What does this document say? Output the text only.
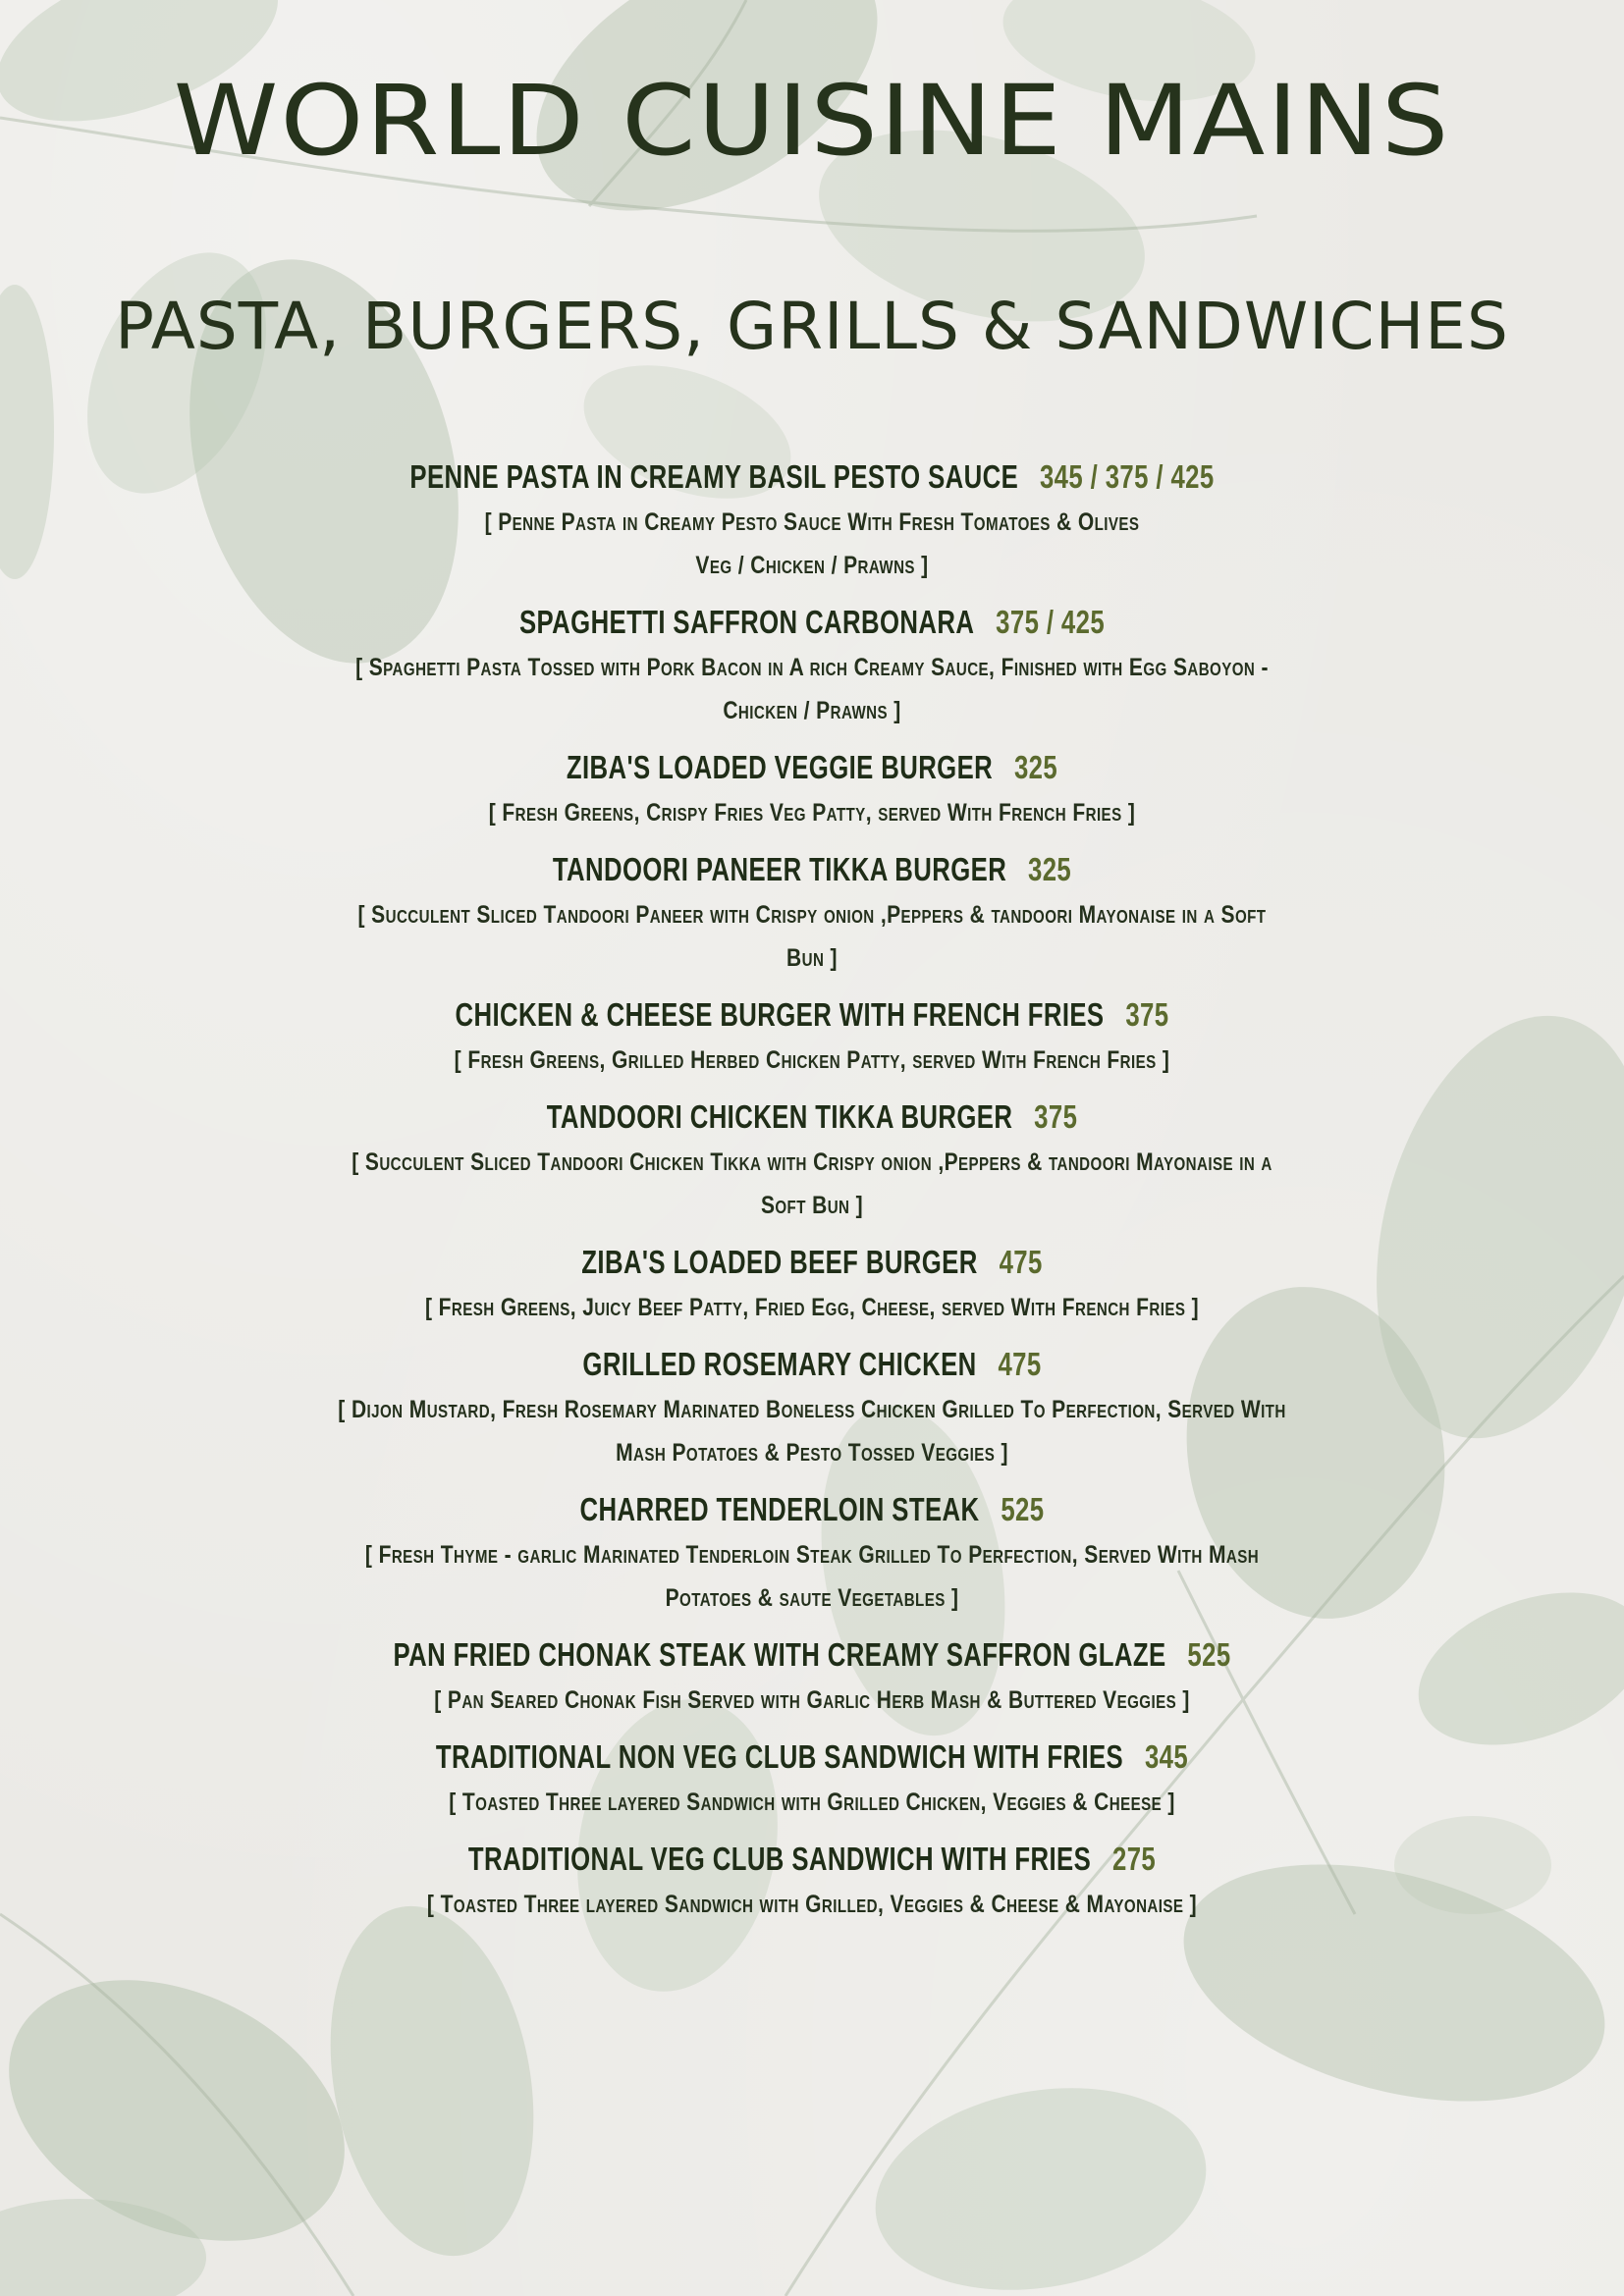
WORLD CUISINE MAINS
PASTA, BURGERS, GRILLS & SANDWICHES
PENNE PASTA IN CREAMY BASIL PESTO SAUCE 345 / 375 / 425
[ Penne Pasta in Creamy Pesto Sauce With Fresh Tomatoes & Olives
Veg / Chicken / Prawns ]
SPAGHETTI SAFFRON CARBONARA 375 / 425
[ Spaghetti Pasta Tossed with Pork Bacon in A rich Creamy Sauce, Finished with Egg Saboyon -
Chicken / Prawns ]
ZIBA'S LOADED VEGGIE BURGER 325
[ Fresh Greens, Crispy Fries Veg Patty, served With French Fries ]
TANDOORI PANEER TIKKA BURGER 325
[ Succulent Sliced Tandoori Paneer with Crispy onion ,Peppers & tandoori Mayonaise in a Soft
Bun ]
CHICKEN & CHEESE BURGER WITH FRENCH FRIES 375
[ Fresh Greens, Grilled Herbed Chicken Patty, served With French Fries ]
TANDOORI CHICKEN TIKKA BURGER 375
[ Succulent Sliced Tandoori Chicken Tikka with Crispy onion ,Peppers & tandoori Mayonaise in a
Soft Bun ]
ZIBA'S LOADED BEEF BURGER 475
[ Fresh Greens, Juicy Beef Patty, Fried Egg, Cheese, served With French Fries ]
GRILLED ROSEMARY CHICKEN 475
[ Dijon Mustard, Fresh Rosemary Marinated Boneless Chicken Grilled To Perfection, Served With
Mash Potatoes & Pesto Tossed Veggies ]
CHARRED TENDERLOIN STEAK 525
[ Fresh Thyme - garlic Marinated Tenderloin Steak Grilled To Perfection, Served With Mash
Potatoes & saute Vegetables ]
PAN FRIED CHONAK STEAK WITH CREAMY SAFFRON GLAZE 525
[ Pan Seared Chonak Fish Served with Garlic Herb Mash & Buttered Veggies ]
TRADITIONAL NON VEG CLUB SANDWICH WITH FRIES 345
[ Toasted Three layered Sandwich with Grilled Chicken, Veggies & Cheese ]
TRADITIONAL VEG CLUB SANDWICH WITH FRIES 275
[ Toasted Three layered Sandwich with Grilled, Veggies & Cheese & Mayonaise ]
